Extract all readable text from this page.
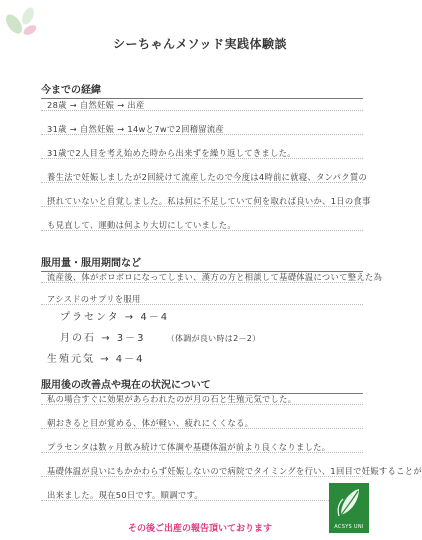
シーちゃんメソッド実践体験談
今までの経緯
28歳 → 自然妊娠 → 出産
31歳 → 自然妊娠 → 14wと7wで2回稽留流産
31歳で2人目を考え始めた時から出来ずを繰り返してきました。
養生法で妊娠しましたが2回続けて流産したので今度は4時前に就寝、タンパク質の
摂れていないと自覚しました。私は何に不足していて何を取れば良いか、1日の食事
も見直して、運動は何より大切にしていました。
服用量・服用期間など
流産後、体がボロボロになってしまい、漢方の方と相談して基礎体温について整えた為
アシスドのサプリを服用
プラセンタ → 4－4
月の石 → 3－3	（体調が良い時は2－2）
生殖元気 → 4－4
服用後の改善点や現在の状況について
私の場合すぐに効果があらわれたのが月の石と生殖元気でした。
朝おきると目が覚める、体が軽い、疲れにくくなる。
プラセンタは数ヶ月飲み続けて体調や基礎体温が前より良くなりました。
基礎体温が良いにもかかわらず妊娠しないので病院でタイミングを行い、1回目で妊娠することが
出来ました。現在50日です。順調です。
ACSYS UNI
その後ご出産の報告頂いております
